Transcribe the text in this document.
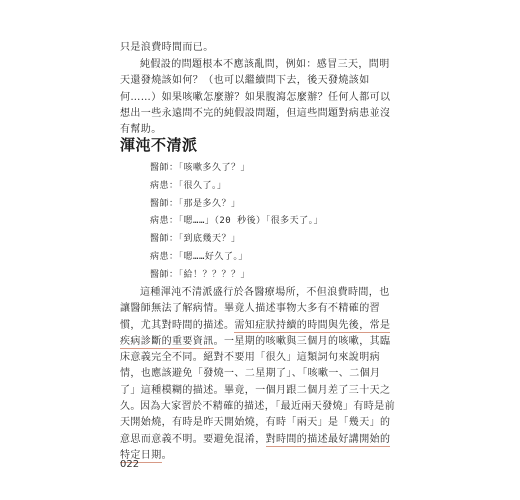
只是浪費時間而已。

純假設的問題根本不應該亂問，例如：感冒三天，問明天還發燒該如何？（也可以繼續問下去，後天發燒該如何……）如果咳嗽怎麼辦？如果腹瀉怎麼辦？任何人都可以想出一些永遠問不完的純假設問題，但這些問題對病患並沒有幫助。

渾沌不清派
醫師：「咳嗽多久了？」
病患：「很久了。」
醫師：「那是多久？」
病患：「嗯……」（20 秒後）「很多天了。」
醫師：「到底幾天？」
病患：「嗯……好久了。」
醫師：「給！？？？？」

這種渾沌不清派盛行於各醫療場所，不但浪費時間，也讓醫師無法了解病情。畢竟人描述事物大多有不精確的習慣，尤其對時間的描述。需知症狀持續的時間與先後，常是疾病診斷的重要資訊。一星期的咳嗽與三個月的咳嗽，其臨床意義完全不同。絕對不要用「很久」這類詞句來說明病情，也應該避免「發燒一、二星期了」、「咳嗽一、二個月了」這種模糊的描述。畢竟，一個月跟二個月差了三十天之久。 因為大家習於不精確的描述，「最近兩天發燒」有時是前天開始燒，有時是昨天開始燒，有時「兩天」是「幾天」的意思而意義不明。要避免混淆，對時間的描述最好講開始的特定日期。

022
